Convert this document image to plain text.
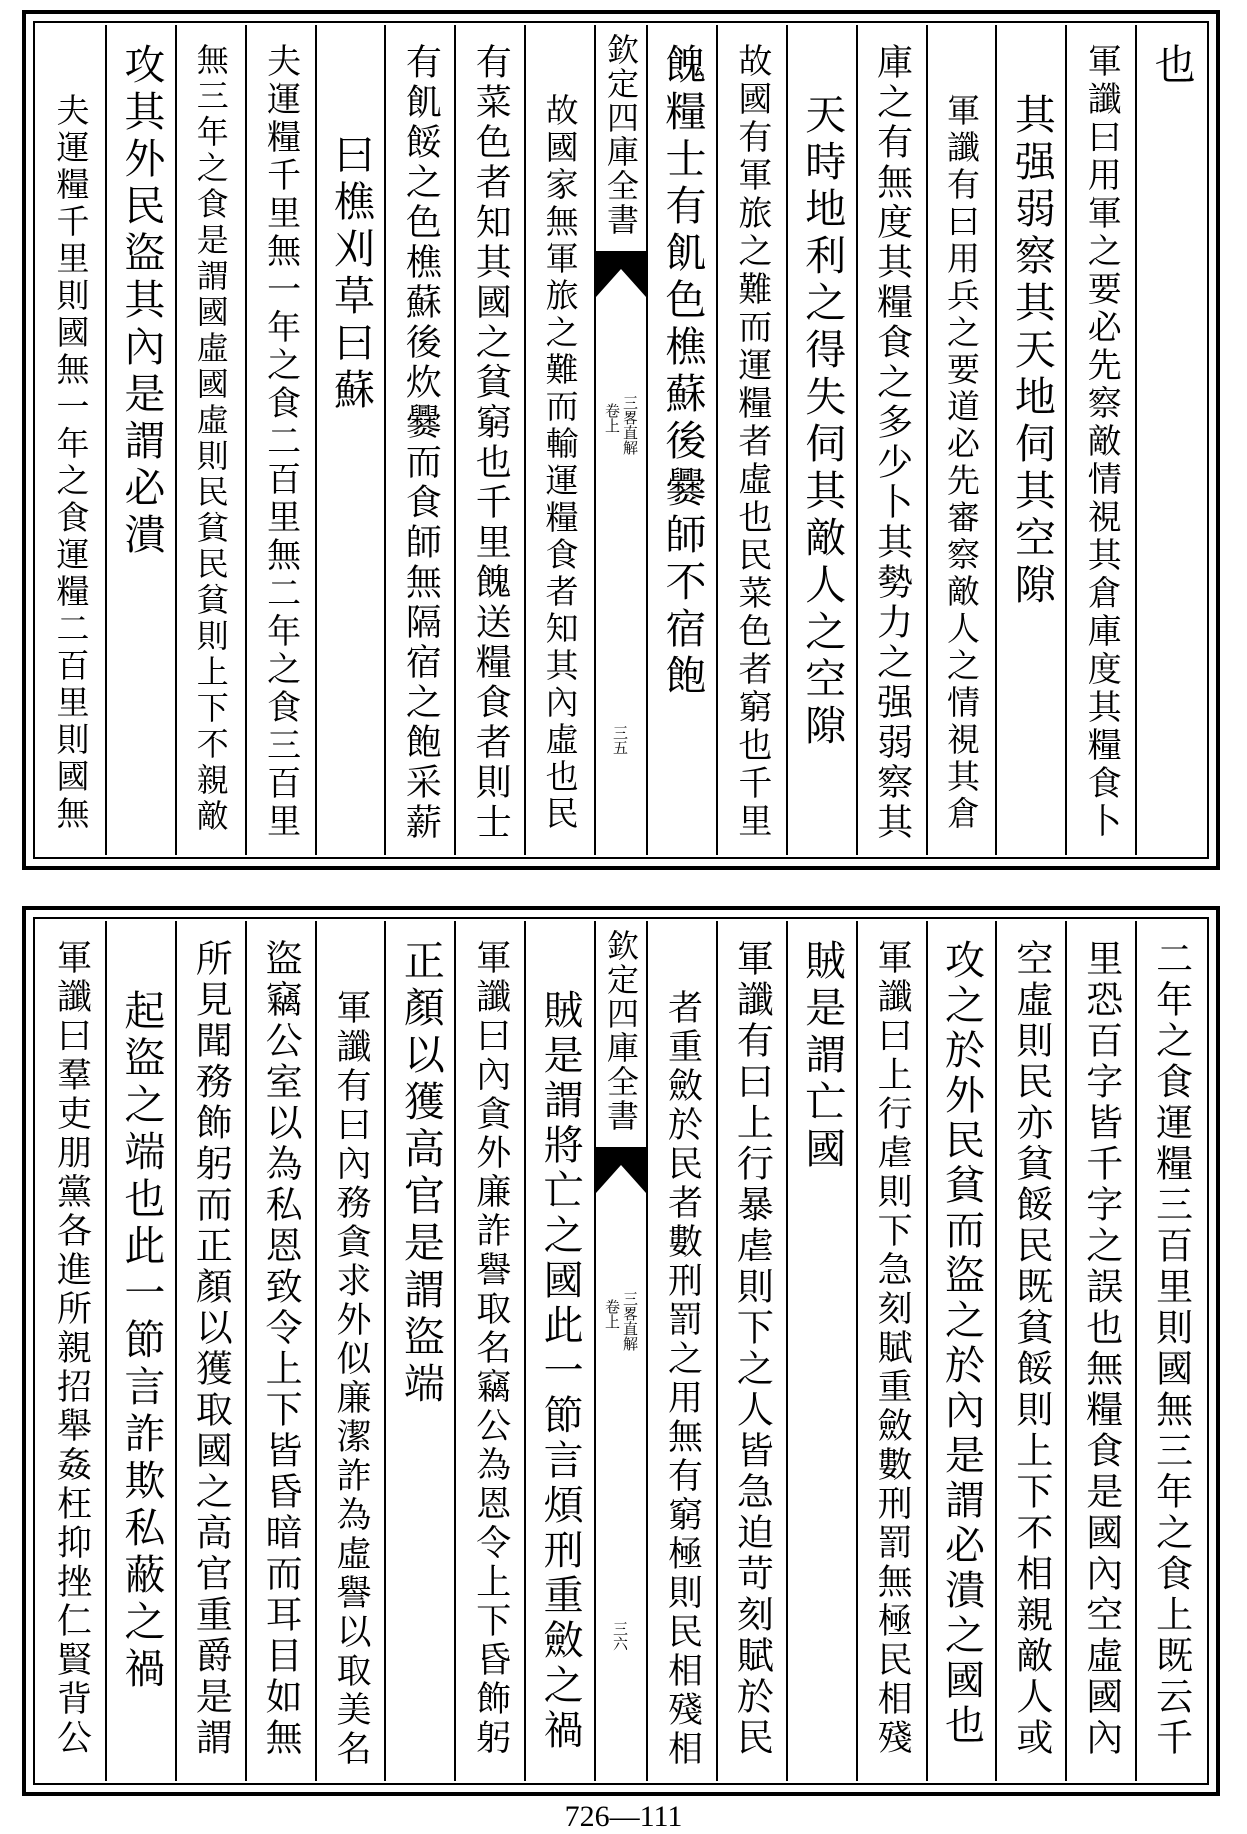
也
軍讖曰用軍之要必先察敵情視其倉庫度其糧食卜
其强弱察其天地伺其空隙
軍讖有曰用兵之要道必先審察敵人之情視其倉
庫之有無度其糧食之多少卜其勢力之强弱察其
天時地利之得失伺其敵人之空隙
故國有軍旅之難而運糧者虛也民菜色者窮也千里
餽糧士有飢色樵蘇後爨師不宿飽
欽定四庫全書
三畧直解
卷上
三五
故國家無軍旅之難而輸運糧食者知其內虛也民
有菜色者知其國之貧窮也千里餽送糧食者則士
有飢餒之色樵蘇後炊爨而食師無隔宿之飽采薪
曰樵刈草曰蘇
夫運糧千里無一年之食二百里無二年之食三百里
無三年之食是謂國虛國虛則民貧民貧則上下不親敵
攻其外民盜其內是謂必潰
夫運糧千里則國無一年之食運糧二百里則國無
二年之食運糧三百里則國無三年之食上既云千
里恐百字皆千字之誤也無糧食是國內空虛國內
空虛則民亦貧餒民既貧餒則上下不相親敵人或
攻之於外民貧而盜之於內是謂必潰之國也
軍讖曰上行虐則下急刻賦重斂數刑罰無極民相殘
賊是謂亡國
軍讖有曰上行暴虐則下之人皆急迫苛刻賦於民
者重斂於民者數刑罰之用無有窮極則民相殘相
欽定四庫全書
三畧直解
卷上
三六
賊是謂將亡之國此一節言煩刑重斂之禍
軍讖曰內貪外廉詐譽取名竊公為恩令上下昏飾躬
正顏以獲高官是謂盜端
軍讖有曰內務貪求外似廉潔詐為虛譽以取美名
盜竊公室以為私恩致令上下皆昏暗而耳目如無
所見聞務飾躬而正顏以獲取國之高官重爵是謂
起盜之端也此一節言詐欺私蔽之禍
軍讖曰羣吏朋黨各進所親招舉姦枉抑挫仁賢背公
726—111
